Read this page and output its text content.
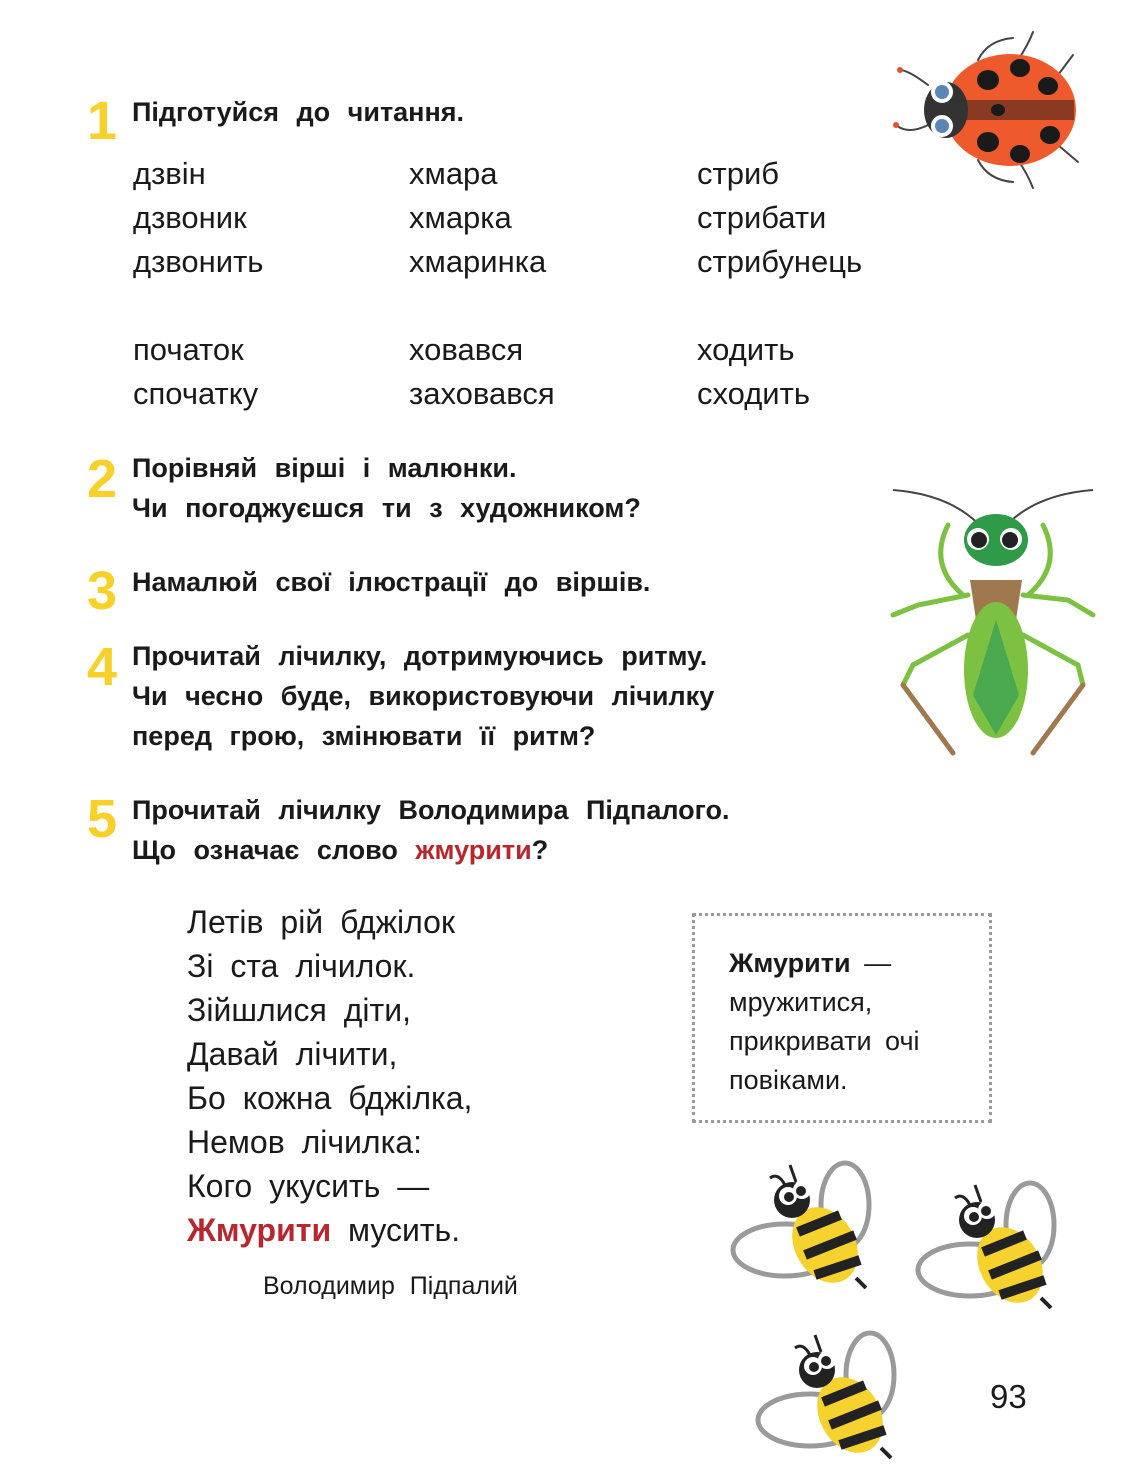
1 Підготуйся до читання.
дзвін
дзвоник
дзвонить
хмара
хмарка
хмаринка
стриб
стрибати
стрибунець
початок
спочатку
ховався
заховався
ходить
сходить
2 Порівняй вірші і малюнки.
Чи погоджуєшся ти з художником?
3 Намалюй свої ілюстрації до віршів.
4 Прочитай лічилку, дотримуючись ритму.
Чи чесно буде, використовуючи лічилку
перед грою, змінювати її ритм?
5 Прочитай лічилку Володимира Підпалого.
Що означає слово жмурити?
Летів рій бджілок
Зі ста лічилок.
Зійшлися діти,
Давай лічити,
Бо кожна бджілка,
Немов лічилка:
Кого укусить —
Жмурити мусить.
Володимир Підпалий
Жмурити —
мружитися,
прикривати очі
повіками.
93
